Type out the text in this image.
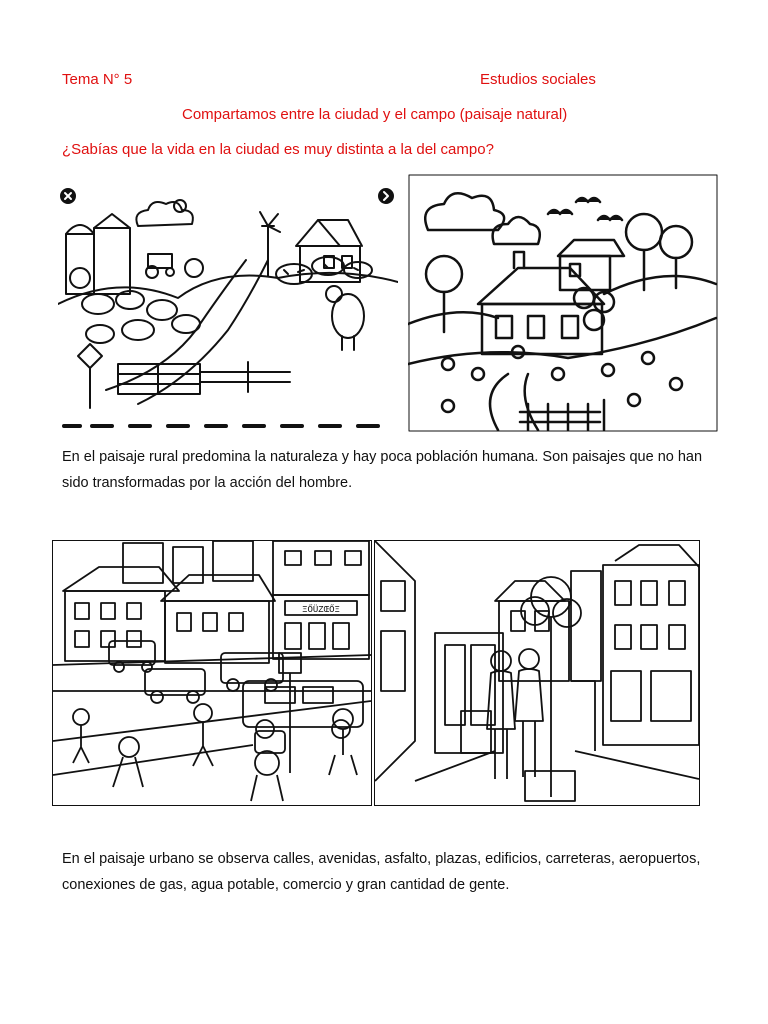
Tema N° 5	Estudios sociales
Compartamos entre la ciudad y el campo (paisaje natural)
¿Sabías que la vida en la ciudad es muy distinta a la del campo?
En el paisaje rural predomina la naturaleza y hay poca población humana. Son paisajes que no han sido transformadas por la acción del hombre.
ΞŐÜZŒŐΞ
En el paisaje urbano se observa calles, avenidas, asfalto, plazas, edificios, carreteras, aeropuertos, conexiones de gas, agua potable, comercio y gran cantidad de gente.
